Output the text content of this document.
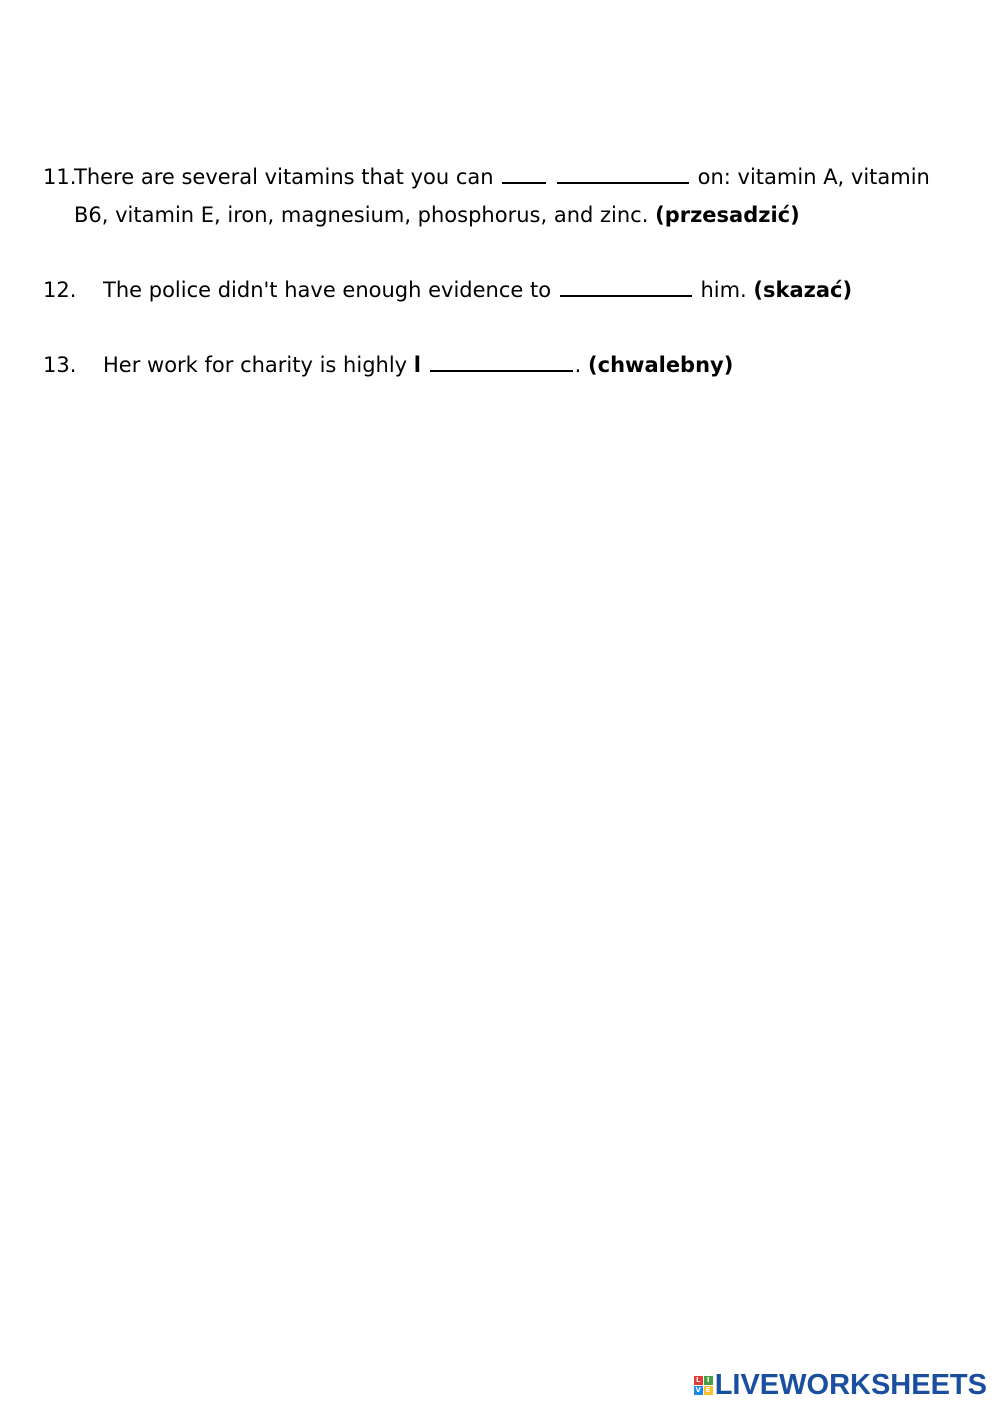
11.There are several vitamins that you can	on: vitamin A, vitamin
B6, vitamin E, iron, magnesium, phosphorus, and zinc. (przesadzić)
12. The police didn't have enough evidence to	him. (skazać)
13. Her work for charity is highly l	. (chwalebny)
L I
V E LIVEWORKSHEETS
